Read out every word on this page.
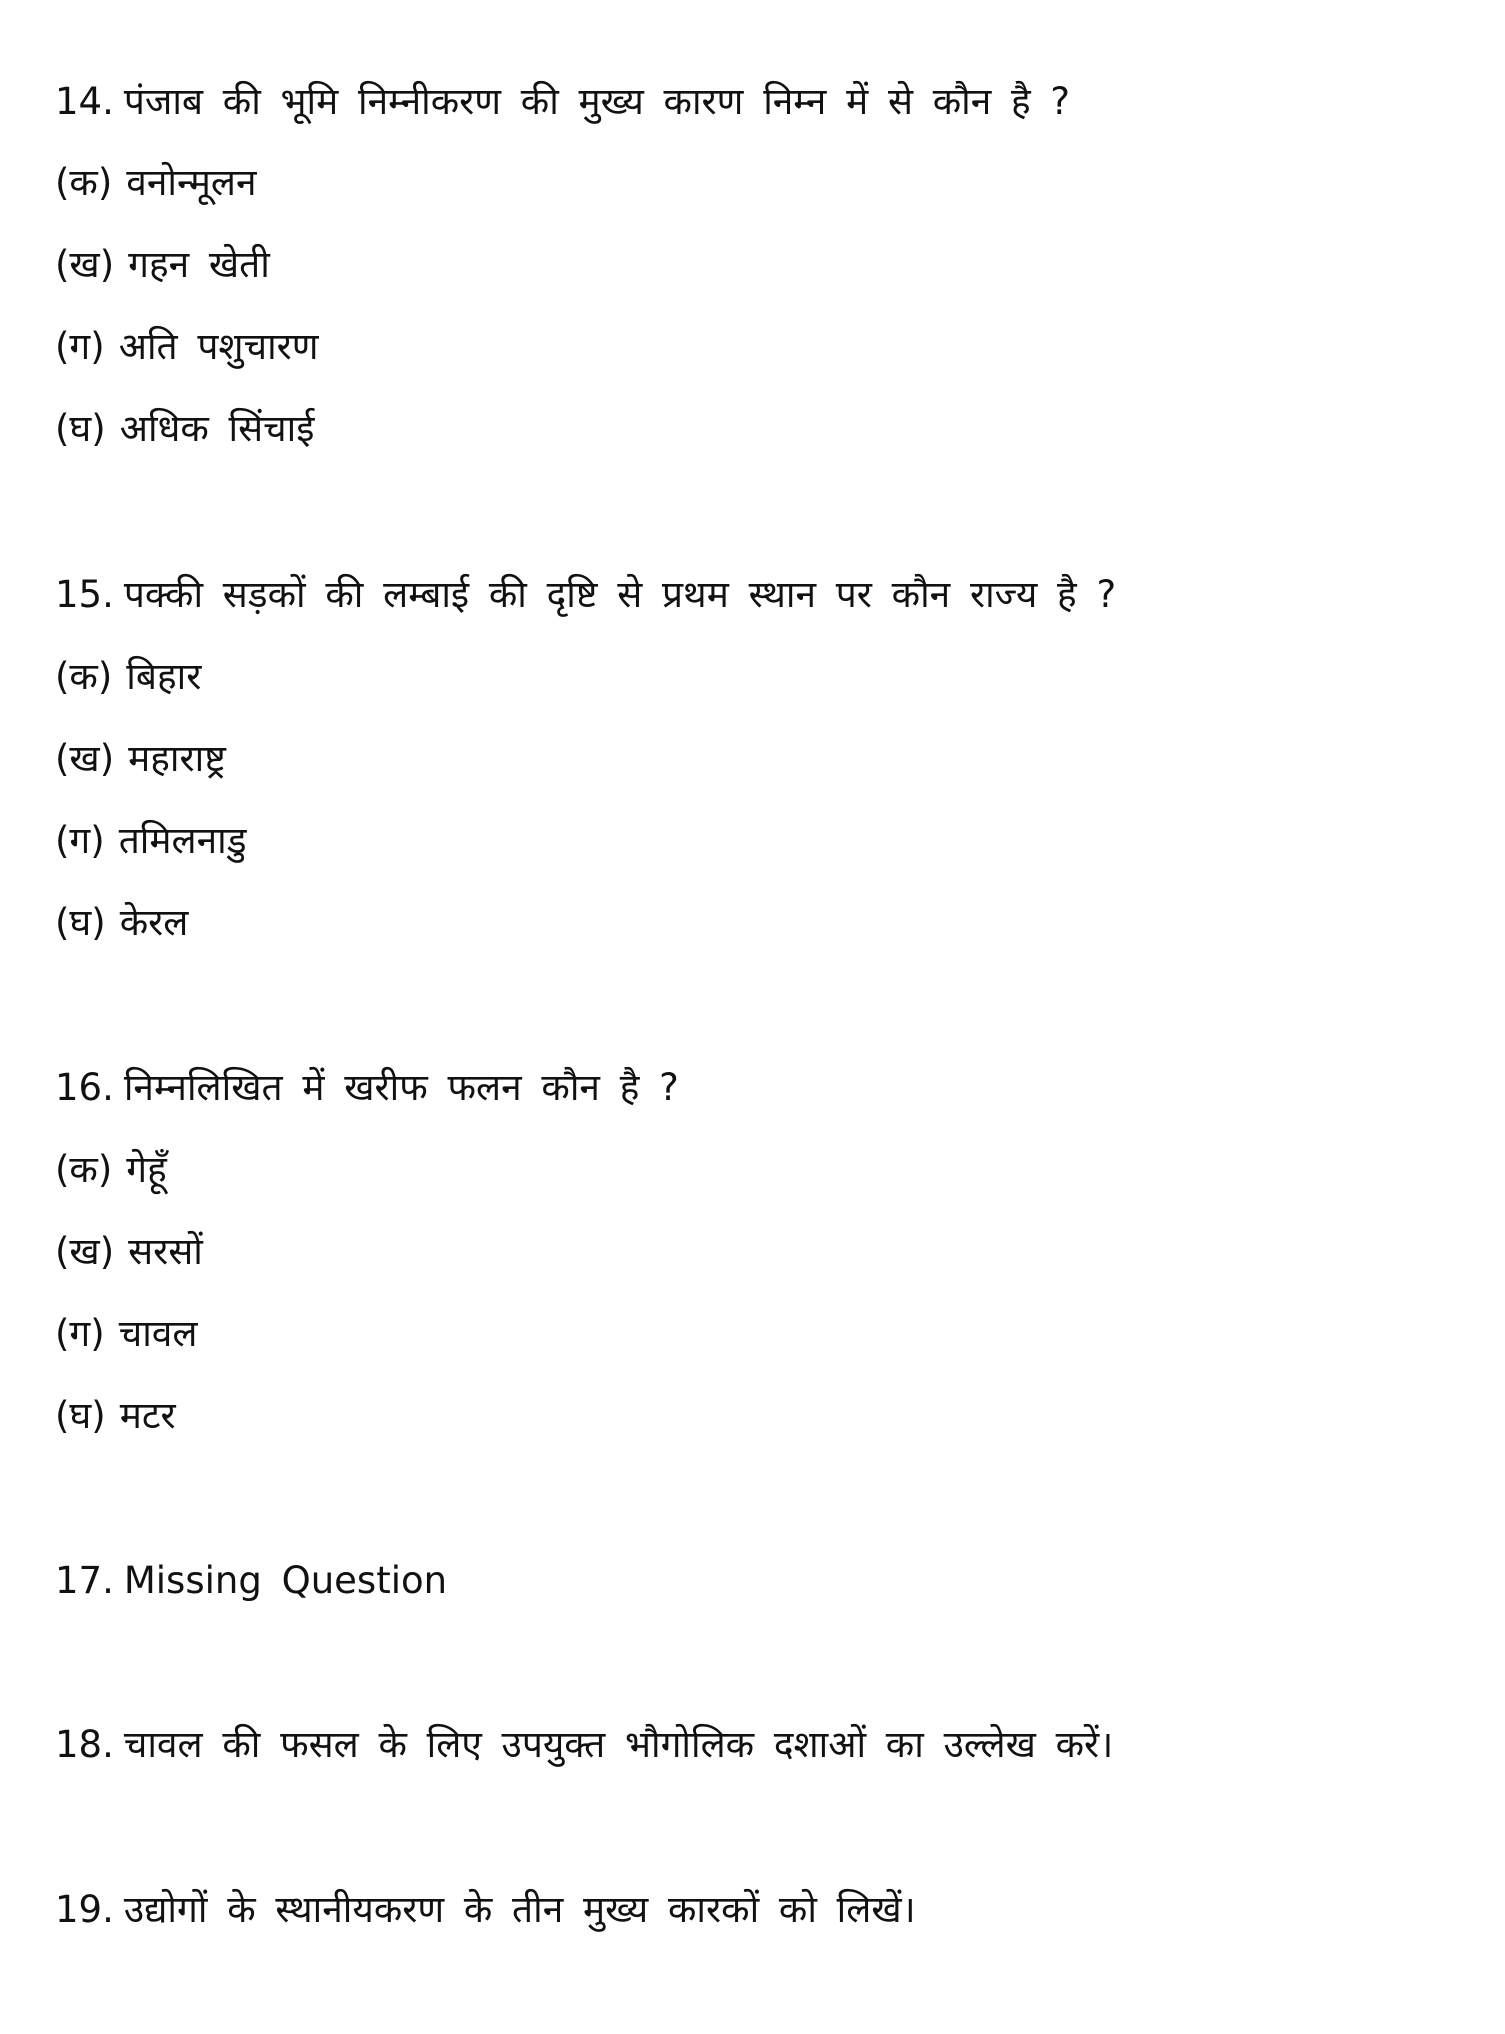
14. पंजाब की भूमि निम्नीकरण की मुख्य कारण निम्न में से कौन है ?
(क) वनोन्मूलन
(ख) गहन खेती
(ग) अति पशुचारण
(घ) अधिक सिंचाई
15. पक्की सड़कों की लम्बाई की दृष्टि से प्रथम स्थान पर कौन राज्य है ?
(क) बिहार
(ख) महाराष्ट्र
(ग) तमिलनाडु
(घ) केरल
16. निम्नलिखित में खरीफ फलन कौन है ?
(क) गेहूँ
(ख) सरसों
(ग) चावल
(घ) मटर
17. Missing Question
18. चावल की फसल के लिए उपयुक्त भौगोलिक दशाओं का उल्लेख करें।
19. उद्योगों के स्थानीयकरण के तीन मुख्य कारकों को लिखें।
